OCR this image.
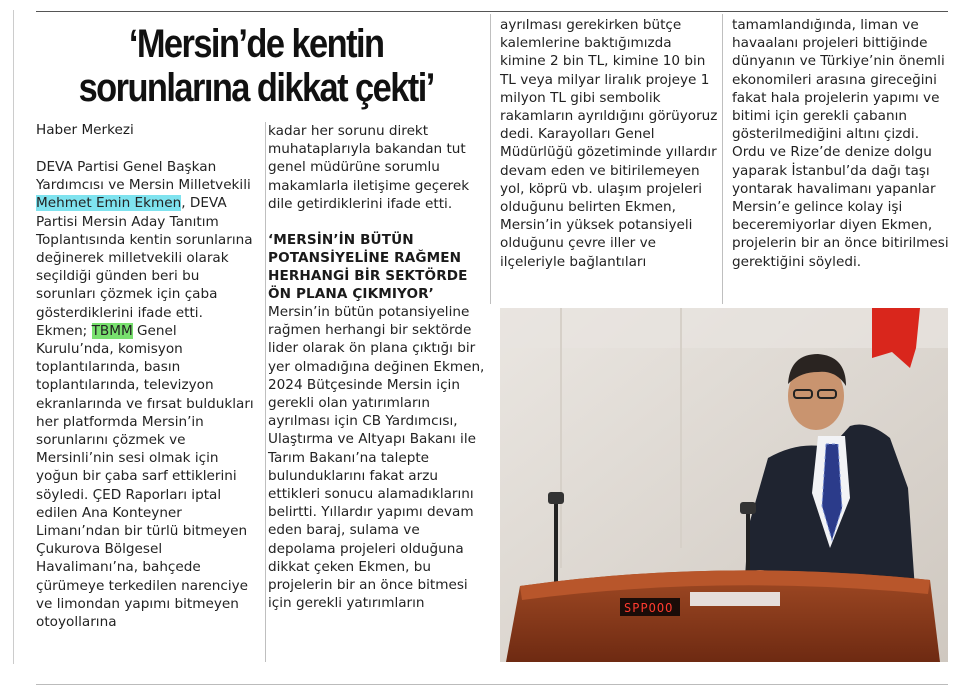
‘Mersin’de kentin
sorunlarına dikkat çekti’
Haber Merkezi

DEVA Partisi Genel Başkan Yardımcısı ve Mersin Milletvekili Mehmet Emin Ekmen, DEVA Partisi Mersin Aday Tanıtım Toplantısında kentin sorunlarına değinerek milletvekili olarak seçildiği günden beri bu sorunları çözmek için çaba gösterdiklerini ifade etti. Ekmen; TBMM Genel Kurulu’nda, komisyon toplantılarında, basın toplantılarında, televizyon ekranlarında ve fırsat buldukları her platformda Mersin’in sorunlarını çözmek ve Mersinli’nin sesi olmak için yoğun bir çaba sarf ettiklerini söyledi. ÇED Raporları iptal edilen Ana Konteyner Limanı’ndan bir türlü bitmeyen Çukurova Bölgesel Havalimanı’na, bahçede çürümeye terkedilen narenciye ve limondan yapımı bitmeyen otoyollarına

kadar her sorunu direkt muhataplarıyla bakandan tut genel müdürüne sorumlu makamlarla iletişime geçerek dile getirdiklerini ifade etti.

‘MERSİN’İN BÜTÜN POTANSİYELİNE RAĞMEN HERHANGİ BİR SEKTÖRDE ÖN PLANA ÇIKMIYOR’

Mersin’in bütün potansiyeline rağmen herhangi bir sektörde lider olarak ön plana çıktığı bir yer olmadığına değinen Ekmen, 2024 Bütçesinde Mersin için gerekli olan yatırımların ayrılması için CB Yardımcısı, Ulaştırma ve Altyapı Bakanı ile Tarım Bakanı’na talepte bulunduklarını fakat arzu ettikleri sonucu alamadıklarını belirtti. Yıllardır yapımı devam eden baraj, sulama ve depolama projeleri olduğuna dikkat çeken Ekmen, bu projelerin bir an önce bitmesi için gerekli yatırımların

ayrılması gerekirken bütçe kalemlerine baktığımızda kimine 2 bin TL, kimine 10 bin TL veya milyar liralık projeye 1 milyon TL gibi sembolik rakamların ayrıldığını görüyoruz dedi. Karayolları Genel Müdürlüğü gözetiminde yıllardır devam eden ve bitirilemeyen yol, köprü vb. ulaşım projeleri olduğunu belirten Ekmen, Mersin’in yüksek potansiyeli olduğunu çevre iller ve ilçeleriyle bağlantıları

tamamlandığında, liman ve havaalanı projeleri bittiğinde dünyanın ve Türkiye’nin önemli ekonomileri arasına gireceğini fakat hala projelerin yapımı ve bitimi için gerekli çabanın gösterilmediğini altını çizdi. Ordu ve Rize’de denize dolgu yaparak İstanbul’da dağı taşı yontarak havalimanı yapanlar Mersin’e gelince kolay işi beceremiyorlar diyen Ekmen, projelerin bir an önce bitirilmesi gerektiğini söyledi.

SPPOOO
